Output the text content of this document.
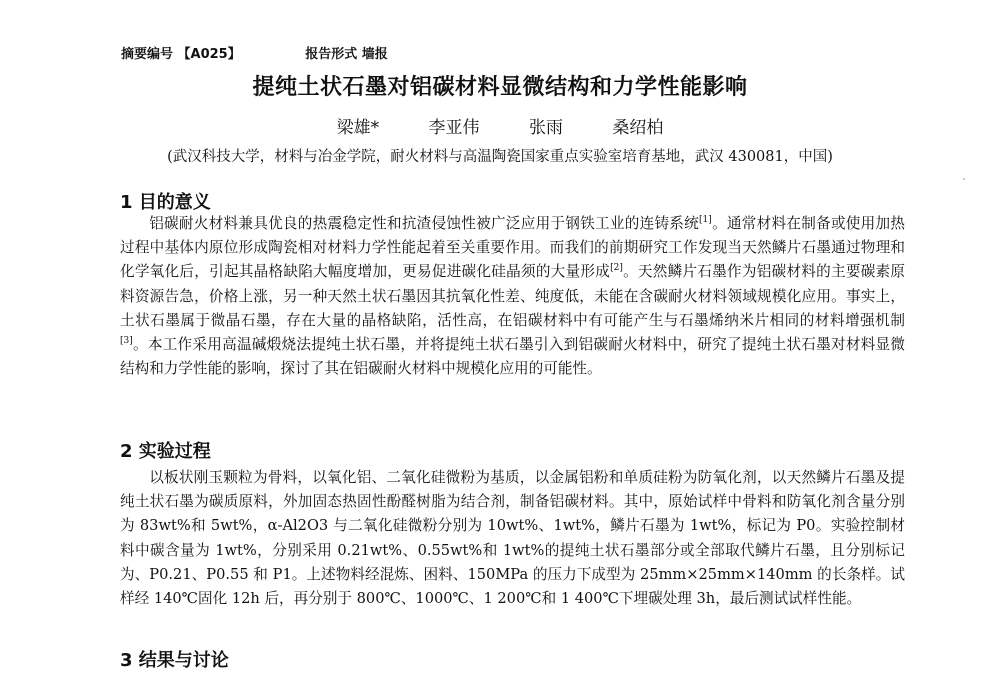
摘要编号 【A025】	报告形式 墙报
提纯土状石墨对铝碳材料显微结构和力学性能影响
梁雄*	李亚伟	张雨	桑绍柏
(武汉科技大学，材料与冶金学院，耐火材料与高温陶瓷国家重点实验室培育基地，武汉 430081，中国)
1 目的意义

铝碳耐火材料兼具优良的热震稳定性和抗渣侵蚀性被广泛应用于钢铁工业的连铸系统[1]。通常材料在制备或使用加热过程中基体内原位形成陶瓷相对材料力学性能起着至关重要作用。而我们的前期研究工作发现当天然鳞片石墨通过物理和化学氧化后，引起其晶格缺陷大幅度增加，更易促进碳化硅晶须的大量形成[2]。天然鳞片石墨作为铝碳材料的主要碳素原料资源告急，价格上涨，另一种天然土状石墨因其抗氧化性差、纯度低，未能在含碳耐火材料领域规模化应用。事实上，土状石墨属于微晶石墨，存在大量的晶格缺陷，活性高，在铝碳材料中有可能产生与石墨烯纳米片相同的材料增强机制[3]。本工作采用高温碱煅烧法提纯土状石墨，并将提纯土状石墨引入到铝碳耐火材料中，研究了提纯土状石墨对材料显微结构和力学性能的影响，探讨了其在铝碳耐火材料中规模化应用的可能性。

2 实验过程

以板状刚玉颗粒为骨料，以氧化铝、二氧化硅微粉为基质，以金属铝粉和单质硅粉为防氧化剂，以天然鳞片石墨及提纯土状石墨为碳质原料，外加固态热固性酚醛树脂为结合剂，制备铝碳材料。其中，原始试样中骨料和防氧化剂含量分别为 83wt%和 5wt%，α-Al2O3 与二氧化硅微粉分别为 10wt%、1wt%，鳞片石墨为 1wt%，标记为 P0。实验控制材料中碳含量为 1wt%，分别采用 0.21wt%、0.55wt%和 1wt%的提纯土状石墨部分或全部取代鳞片石墨，且分别标记为、P0.21、P0.55 和 P1。上述物料经混炼、困料、150MPa 的压力下成型为 25mm×25mm×140mm 的长条样。试样经 140℃固化 12h 后，再分别于 800℃、1000℃、1 200℃和 1 400℃下埋碳处理 3h，最后测试试样性能。

3 结果与讨论
